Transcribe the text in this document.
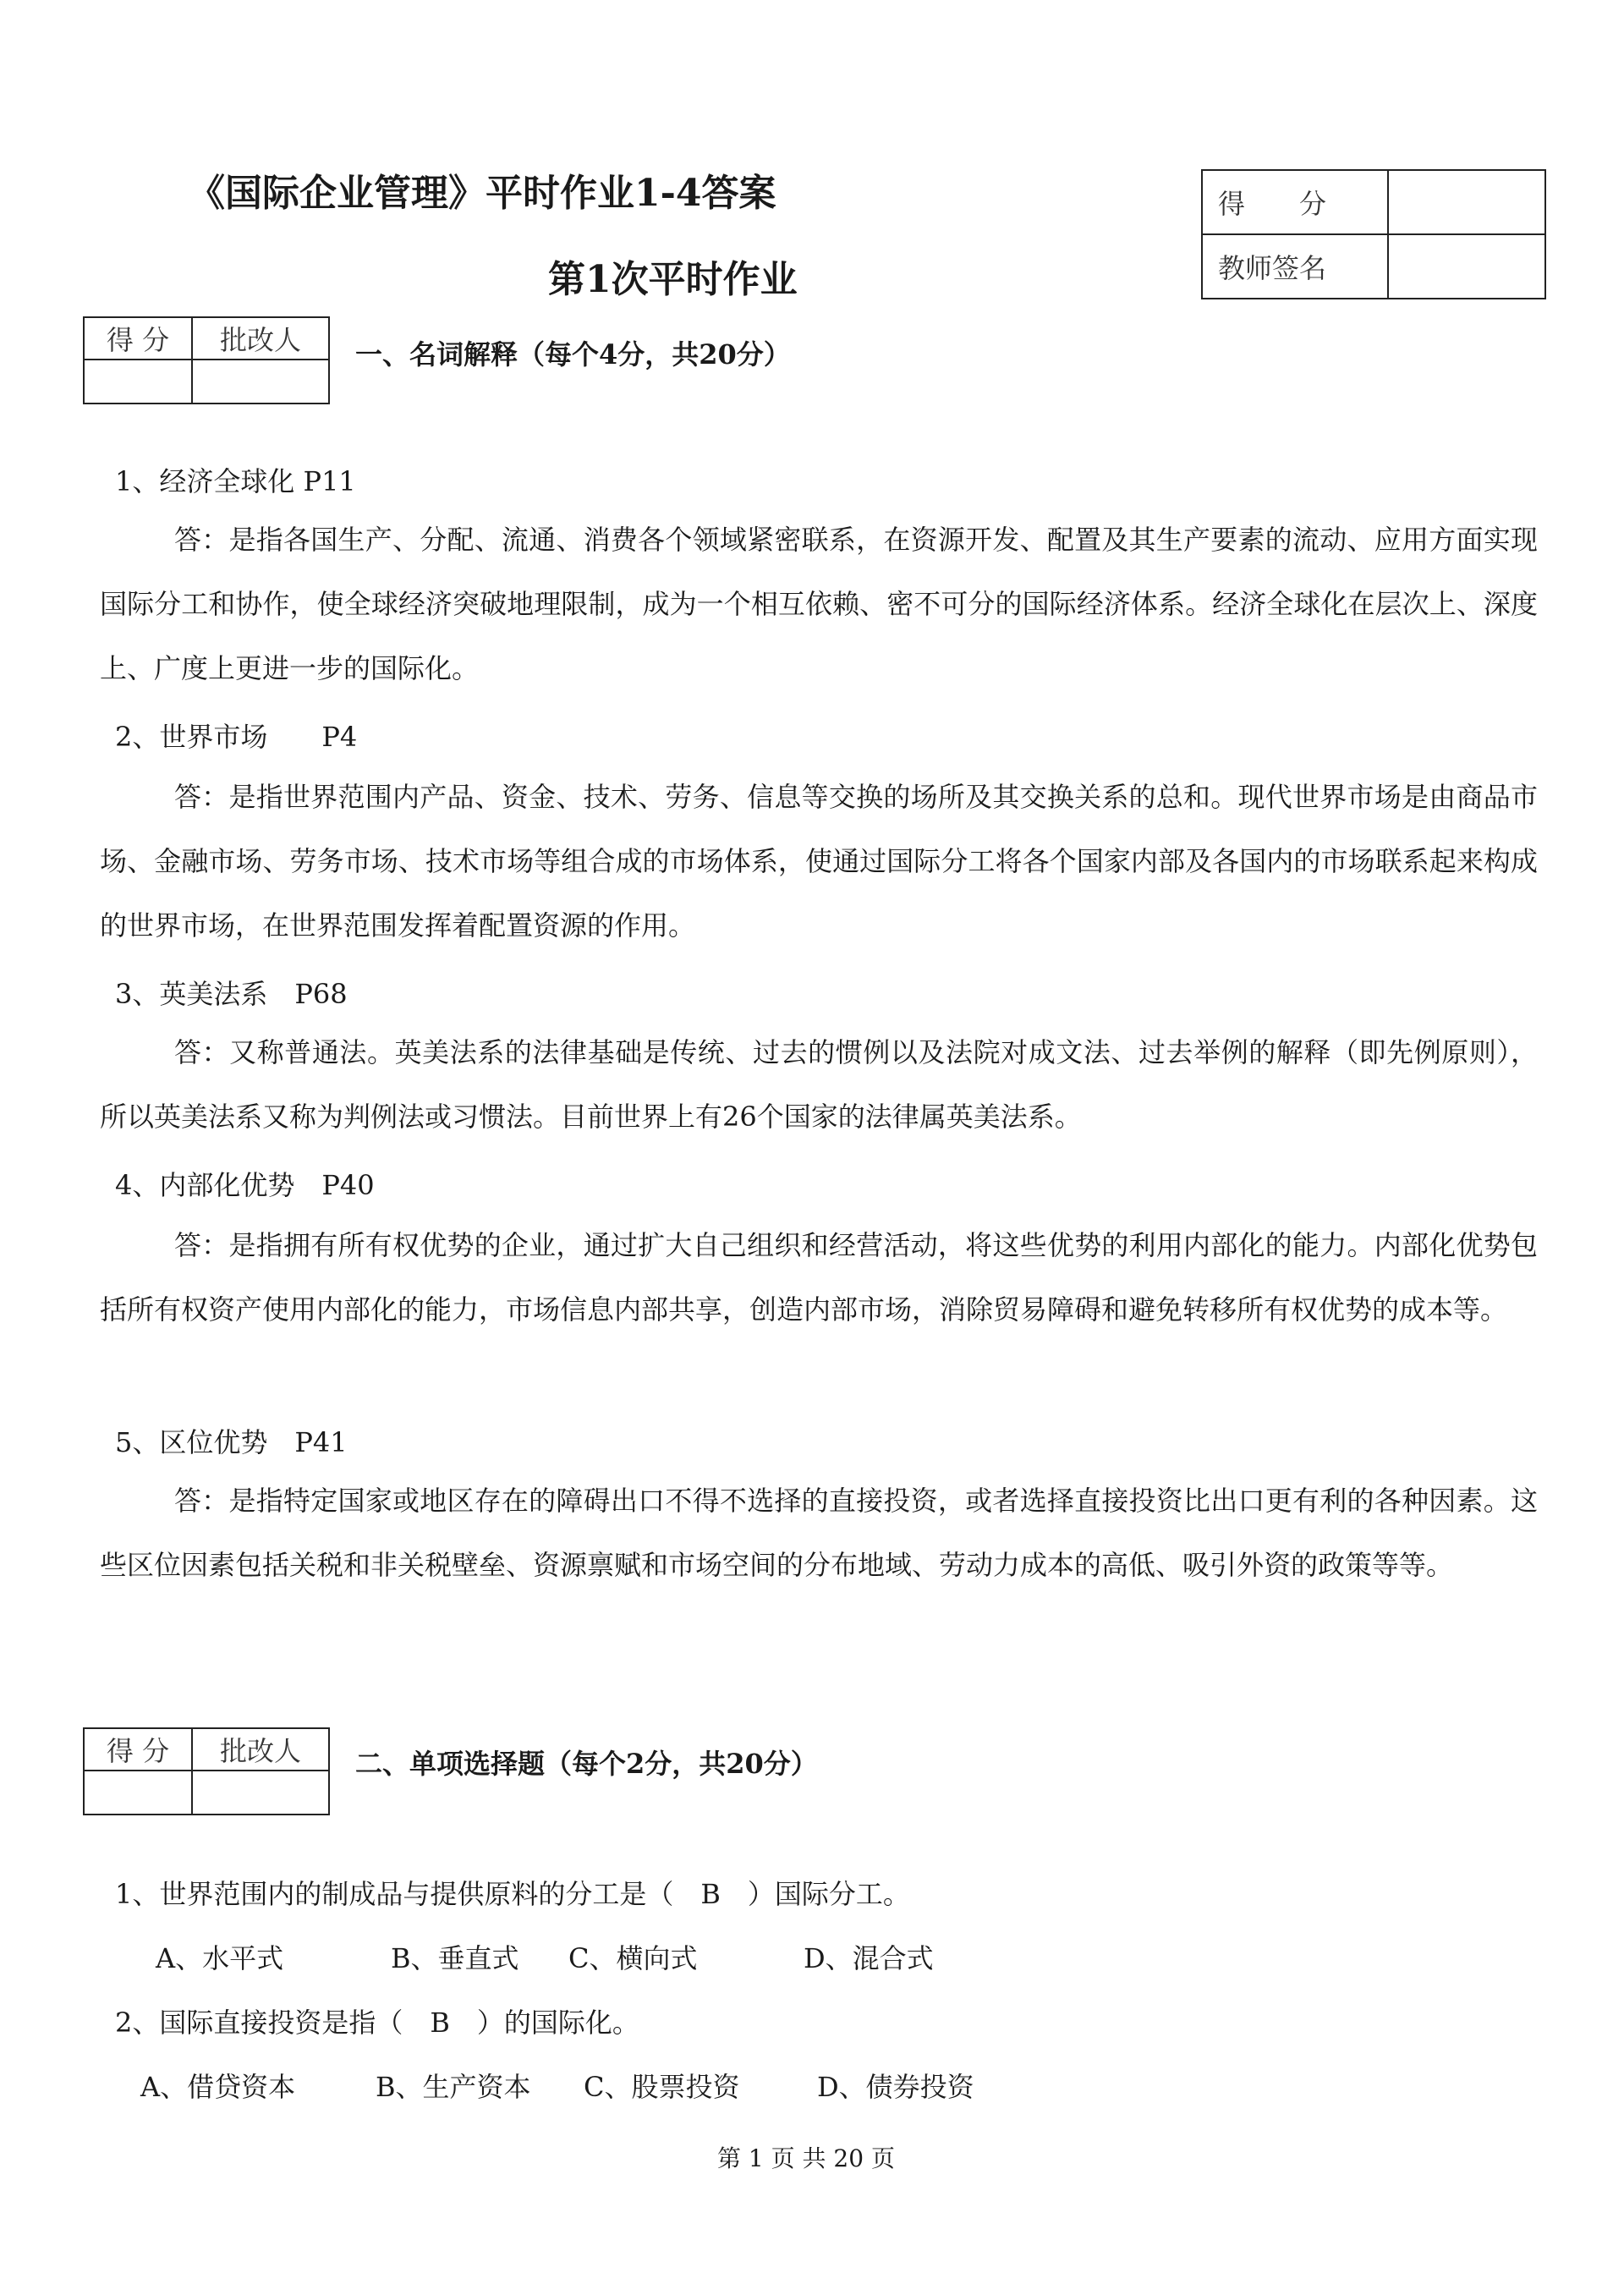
《国际企业管理》平时作业1-4答案
第1次平时作业
得　　分	
教师签名	
得 分	批改人
	一、名词解释（每个4分，共20分）
1、经济全球化 P11

答：是指各国生产、分配、流通、消费各个领域紧密联系，在资源开发、配置及其生产要素的流动、应用方面实现国际分工和协作，使全球经济突破地理限制，成为一个相互依赖、密不可分的国际经济体系。经济全球化在层次上、深度上、广度上更进一步的国际化。

2、世界市场　　P4

答：是指世界范围内产品、资金、技术、劳务、信息等交换的场所及其交换关系的总和。现代世界市场是由商品市场、金融市场、劳务市场、技术市场等组合成的市场体系，使通过国际分工将各个国家内部及各国内的市场联系起来构成的世界市场，在世界范围发挥着配置资源的作用。

3、英美法系　P68

答：又称普通法。英美法系的法律基础是传统、过去的惯例以及法院对成文法、过去举例的解释（即先例原则），所以英美法系又称为判例法或习惯法。目前世界上有26个国家的法律属英美法系。

4、内部化优势　P40

答：是指拥有所有权优势的企业，通过扩大自己组织和经营活动，将这些优势的利用内部化的能力。内部化优势包括所有权资产使用内部化的能力，市场信息内部共享，创造内部市场，消除贸易障碍和避免转移所有权优势的成本等。

5、区位优势　P41

答：是指特定国家或地区存在的障碍出口不得不选择的直接投资，或者选择直接投资比出口更有利的各种因素。这些区位因素包括关税和非关税壁垒、资源禀赋和市场空间的分布地域、劳动力成本的高低、吸引外资的政策等等。

得 分	批改人
	二、单项选择题（每个2分，共20分）
1、世界范围内的制成品与提供原料的分工是（　B　）国际分工。
A、水平式	B、垂直式 C、横向式	D、混合式
2、国际直接投资是指（　B　）的国际化。
A、借贷资本	B、生产资本 C、股票投资	D、债券投资
第 1 页 共 20 页
